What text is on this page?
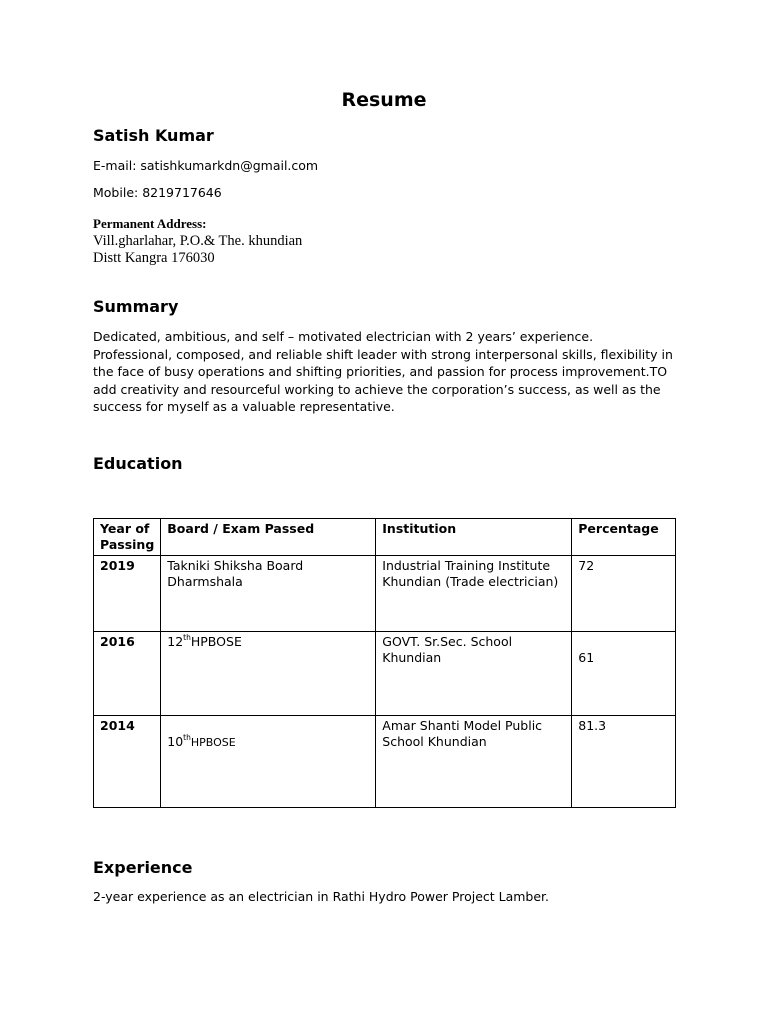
Resume
Satish Kumar
E-mail: satishkumarkdn@gmail.com
Mobile: 8219717646
Permanent Address:
Vill.gharlahar, P.O.& The. khundian
Distt Kangra 176030
Summary
Dedicated, ambitious, and self – motivated electrician with 2 years’ experience. Professional, composed, and reliable shift leader with strong interpersonal skills, flexibility in the face of busy operations and shifting priorities, and passion for process improvement.TO add creativity and resourceful working to achieve the corporation’s success, as well as the success for myself as a valuable representative.
Education
Year of Passing	Board / Exam Passed	Institution	Percentage
2019	Takniki Shiksha Board Dharmshala	Industrial Training Institute Khundian (Trade electrician)	72
2016	12thHPBOSE	GOVT. Sr.Sec. School Khundian	61
2014	10thHPBOSE	Amar Shanti Model Public School Khundian	81.3
Experience
2-year experience as an electrician in Rathi Hydro Power Project Lamber.
